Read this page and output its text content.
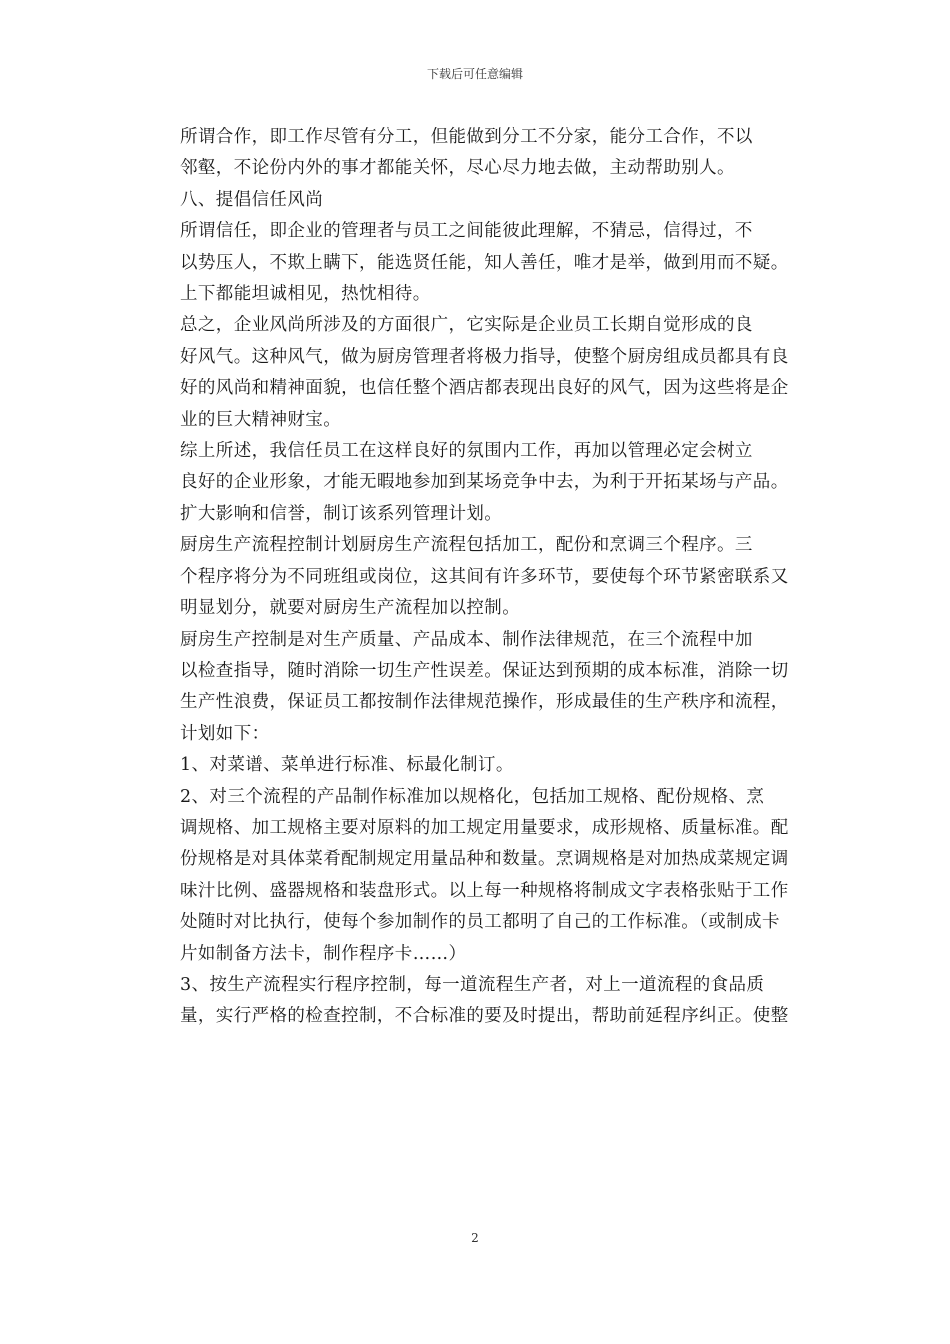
下载后可任意编辑

所谓合作，即工作尽管有分工，但能做到分工不分家，能分工合作，不以
邻壑，不论份内外的事才都能关怀，尽心尽力地去做，主动帮助别人。

八、提倡信任风尚

所谓信任，即企业的管理者与员工之间能彼此理解，不猜忌，信得过，不
以势压人，不欺上瞒下，能选贤任能，知人善任，唯才是举，做到用而不疑。
上下都能坦诚相见，热忱相待。

总之，企业风尚所涉及的方面很广，它实际是企业员工长期自觉形成的良
好风气。这种风气，做为厨房管理者将极力指导，使整个厨房组成员都具有良
好的风尚和精神面貌，也信任整个酒店都表现出良好的风气，因为这些将是企
业的巨大精神财宝。

综上所述，我信任员工在这样良好的氛围内工作，再加以管理必定会树立
良好的企业形象，才能无暇地参加到某场竞争中去，为利于开拓某场与产品。
扩大影响和信誉，制订该系列管理计划。

厨房生产流程控制计划厨房生产流程包括加工，配份和烹调三个程序。三
个程序将分为不同班组或岗位，这其间有许多环节，要使每个环节紧密联系又
明显划分，就要对厨房生产流程加以控制。

厨房生产控制是对生产质量、产品成本、制作法律规范，在三个流程中加
以检查指导，随时消除一切生产性误差。保证达到预期的成本标准，消除一切
生产性浪费，保证员工都按制作法律规范操作，形成最佳的生产秩序和流程，
计划如下：

1、对菜谱、菜单进行标准、标最化制订。

2、对三个流程的产品制作标准加以规格化，包括加工规格、配份规格、烹
调规格、加工规格主要对原料的加工规定用量要求，成形规格、质量标准。配
份规格是对具体菜肴配制规定用量品种和数量。烹调规格是对加热成菜规定调
味汁比例、盛器规格和装盘形式。以上每一种规格将制成文字表格张贴于工作
处随时对比执行，使每个参加制作的员工都明了自己的工作标准。（或制成卡
片如制备方法卡，制作程序卡……）

3、按生产流程实行程序控制，每一道流程生产者，对上一道流程的食品质
量，实行严格的检查控制，不合标准的要及时提出，帮助前延程序纠正。使整

2
